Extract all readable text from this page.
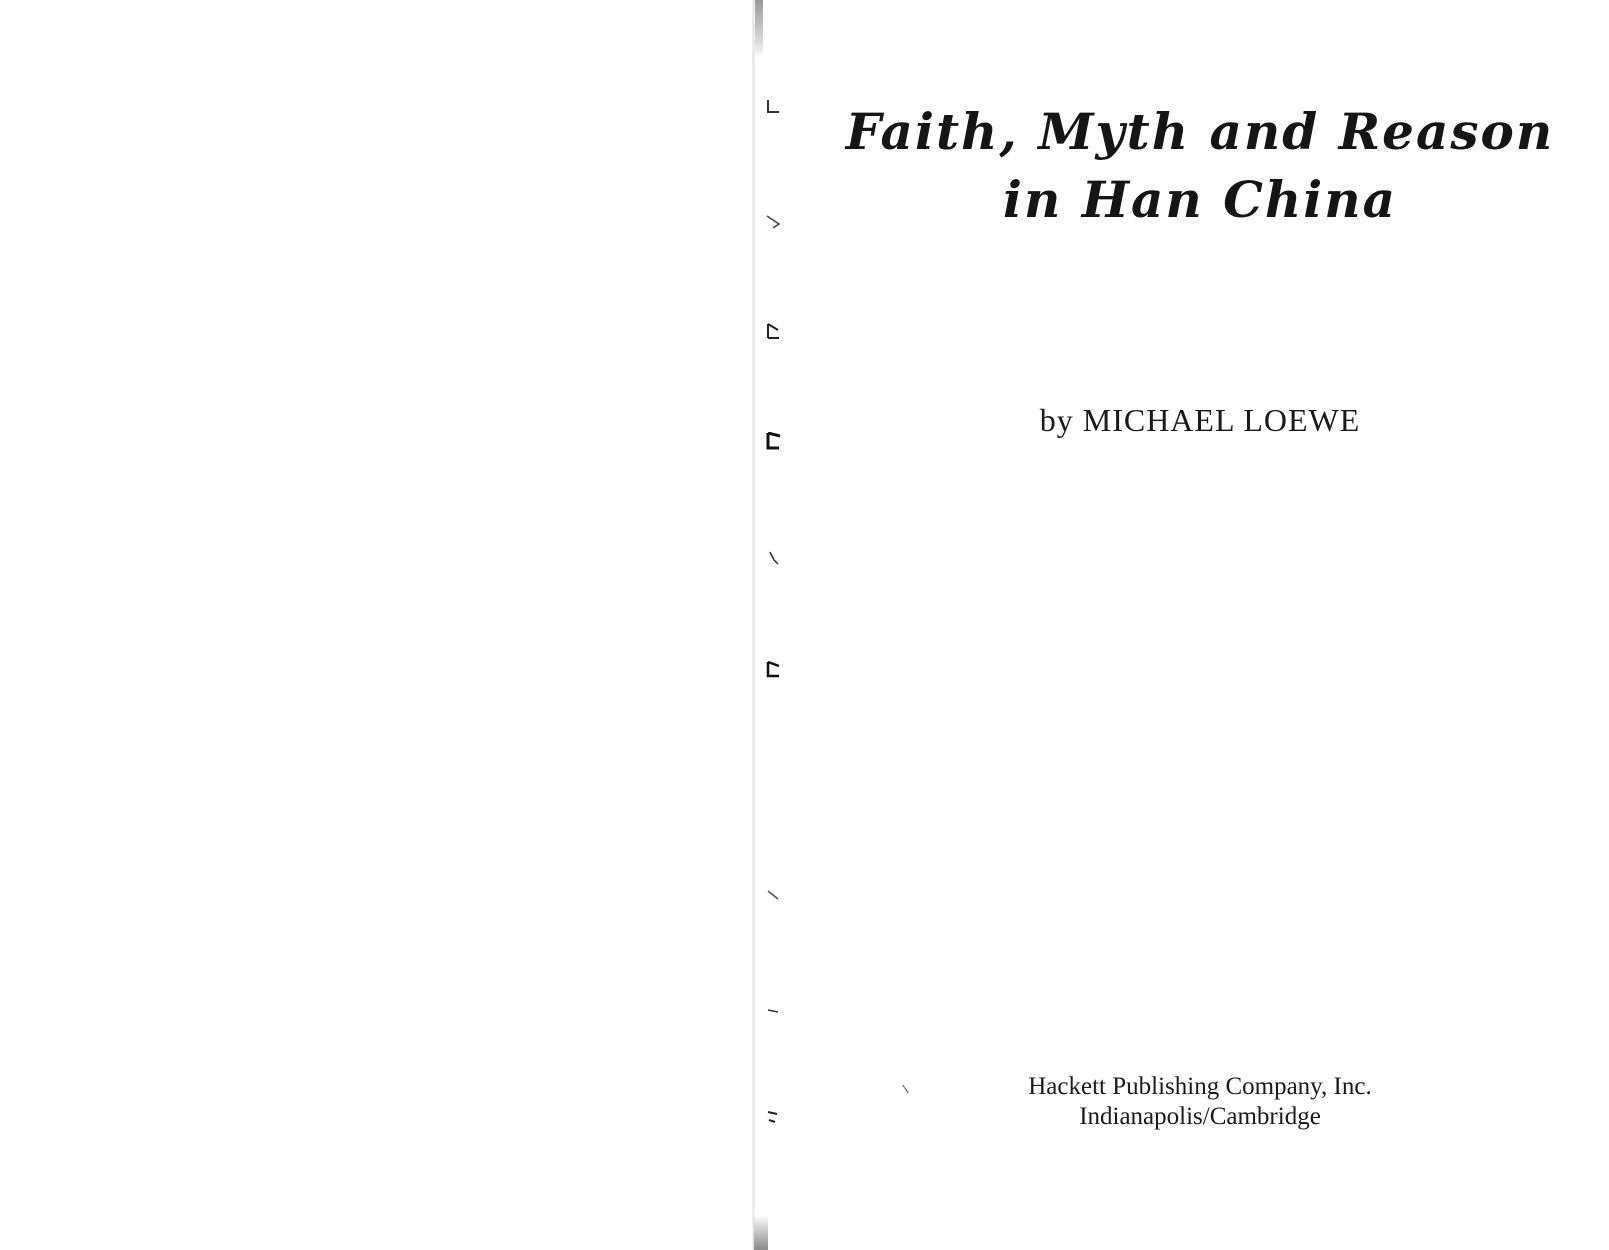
Faith, Myth and Reason
in Han China
by MICHAEL LOEWE
Hackett Publishing Company, Inc.
Indianapolis/Cambridge
